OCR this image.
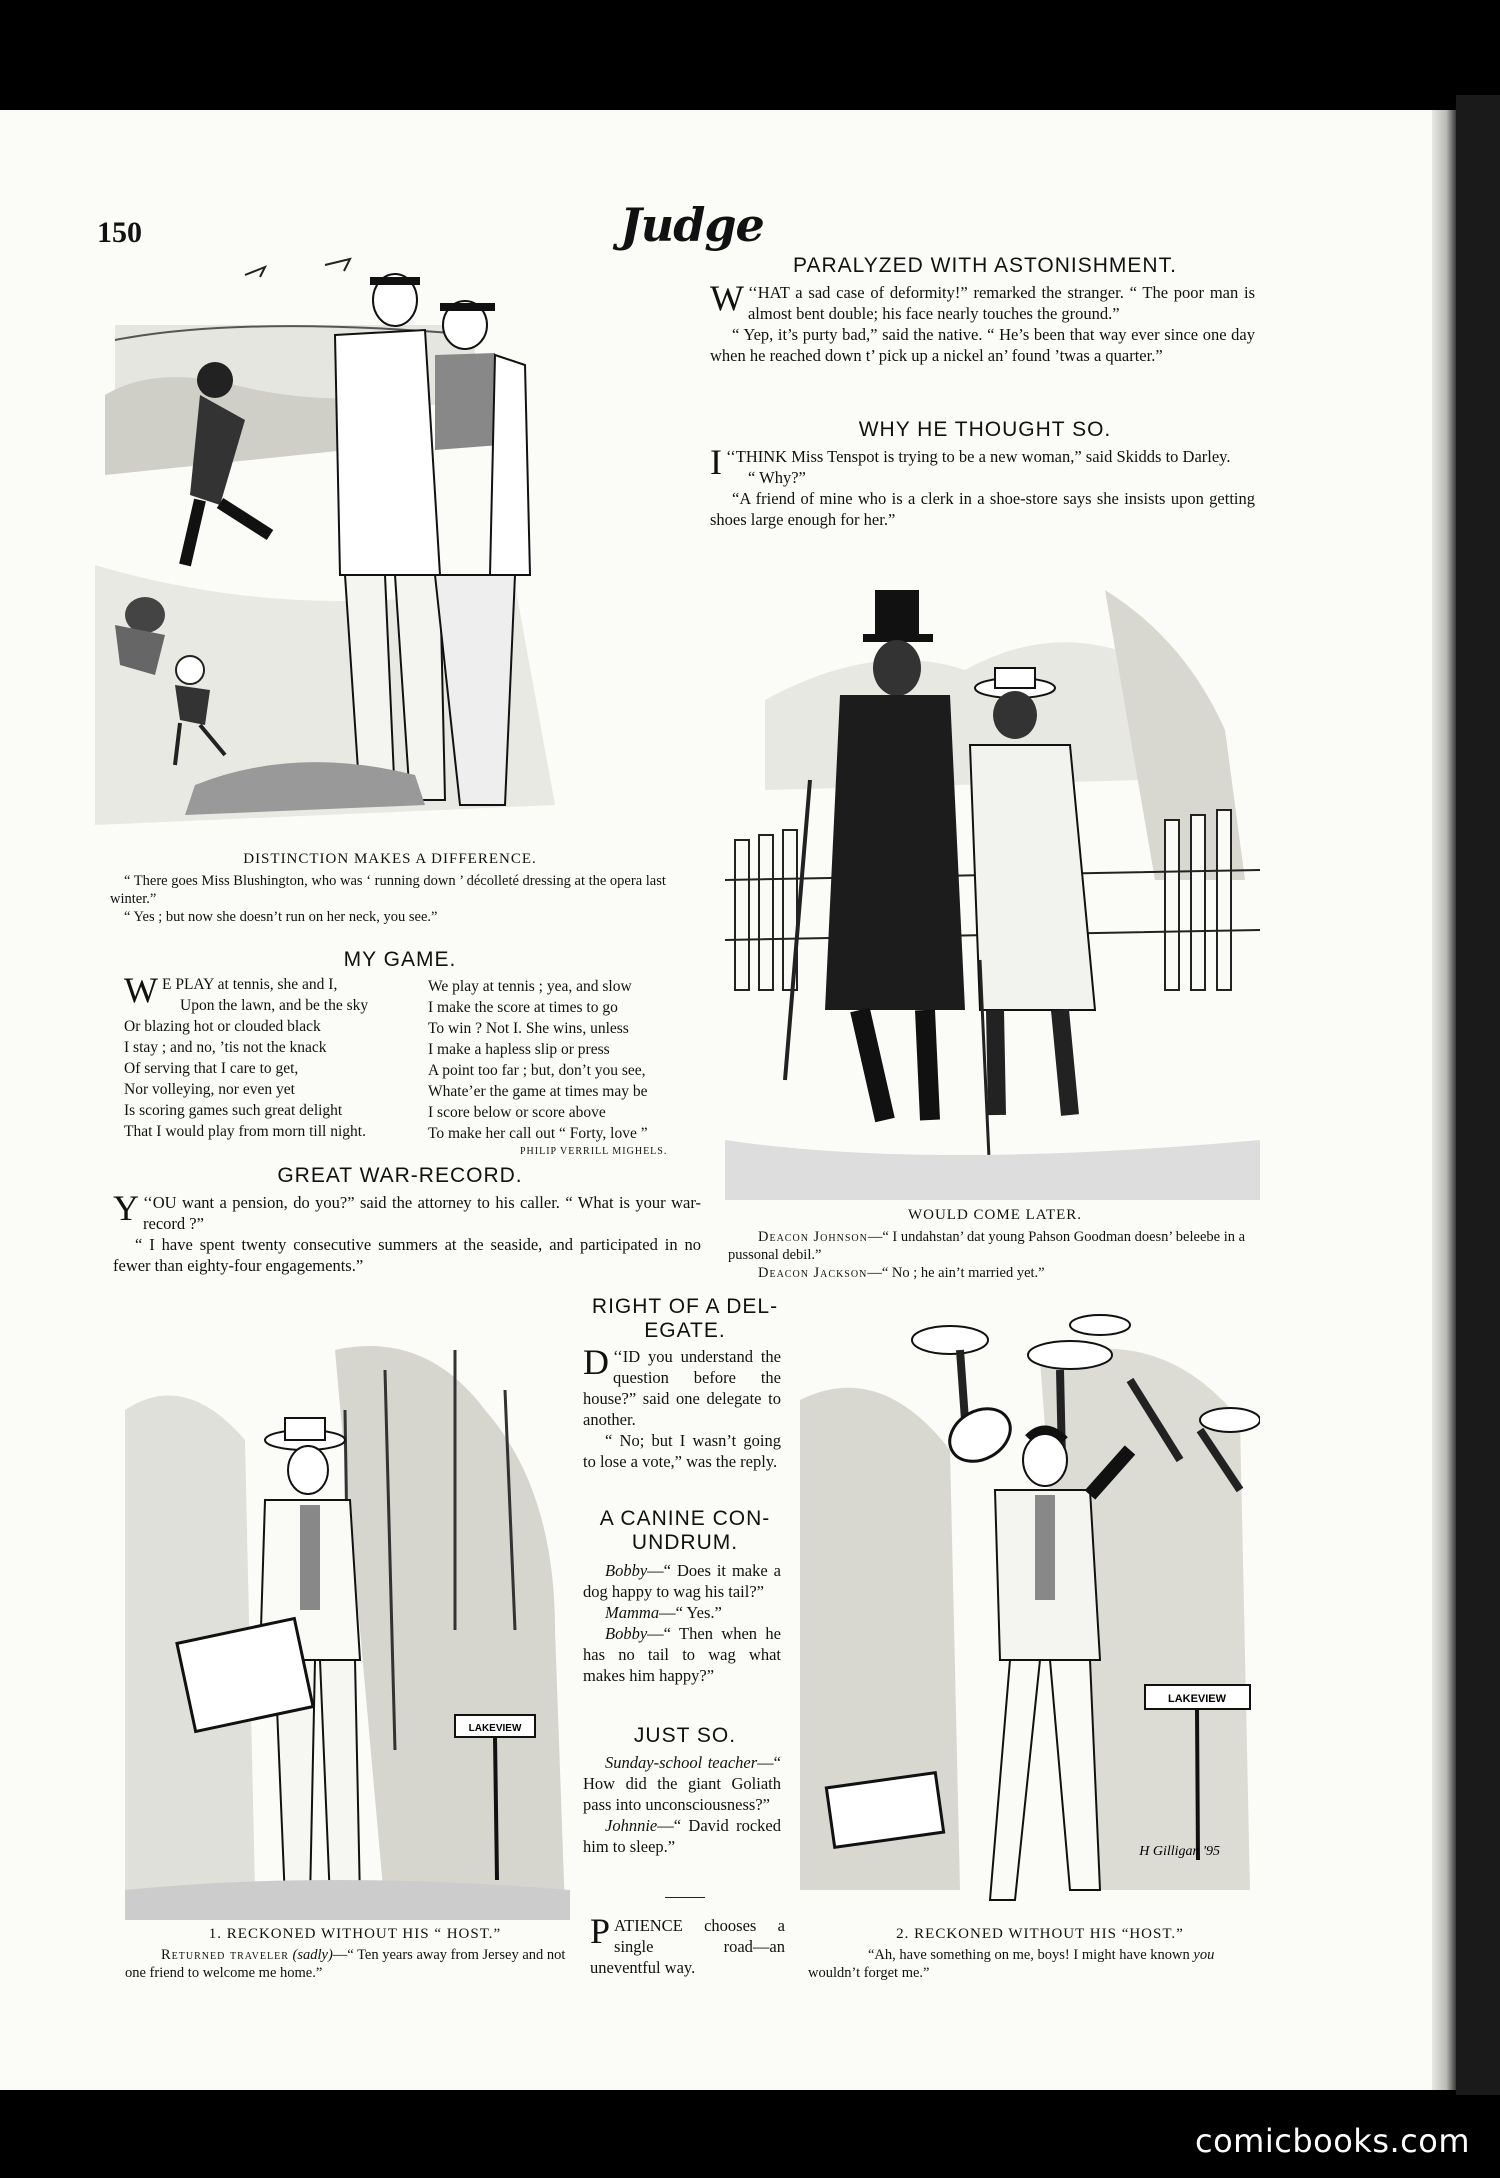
150	Judge
DISTINCTION MAKES A DIFFERENCE.
“ There goes Miss Blushington, who was ‘ running down ’ décolleté dressing at the opera last winter.”
“ Yes ; but now she doesn’t run on her neck, you see.”
PARALYZED WITH ASTONISHMENT.

‘‘
W HAT a sad case of deformity!” remarked the stranger. “ The poor man is almost bent double; his face nearly touches the ground.”

“ Yep, it’s purty bad,” said the native. “ He’s been that way ever since one day when he reached down t’ pick up a nickel an’ found ’twas a quarter.”

WHY HE THOUGHT SO.

‘‘
I THINK Miss Tenspot is trying to be a new woman,” said Skidds to Darley.

“ Why?”

“A friend of mine who is a clerk in a shoe-store says she insists upon getting shoes large enough for her.”

WOULD COME LATER.
Deacon Johnson—“ I undahstan’ dat young Pahson Goodman doesn’ beleebe in a pussonal debil.”
Deacon Jackson—“ No ; he ain’t married yet.”
MY GAME.
W E PLAY at tennis, she and I,
Upon the lawn, and be the sky
Or blazing hot or clouded black
I stay ; and no, ’tis not the knack
Of serving that I care to get,
Nor volleying, nor even yet
Is scoring games such great delight
That I would play from morn till night.
We play at tennis ; yea, and slow
I make the score at times to go
To win ? Not I. She wins, unless
I make a hapless slip or press
A point too far ; but, don’t you see,
Whate’er the game at times may be
I score below or score above
To make her call out “ Forty, love ”
PHILIP VERRILL MIGHELS.
GREAT WAR-RECORD.

‘‘
Y OU want a pension, do you?” said the attorney to his caller. “ What is your war-record ?”

“ I have spent twenty consecutive summers at the seaside, and participated in no fewer than eighty-four engagements.”

LAKEVIEW
1. RECKONED WITHOUT HIS “ HOST.”
Returned traveler (sadly)—“ Ten years away from Jersey and not one friend to welcome me home.”
RIGHT OF A DEL-
EGATE.

‘‘
D ID you understand the question before the house?” said one delegate to another.

“ No; but I wasn’t going to lose a vote,” was the reply.

A CANINE CON-
UNDRUM.

Bobby—“ Does it make a dog happy to wag his tail?”

Mamma—“ Yes.”

Bobby—“ Then when he has no tail to wag what makes him happy?”

JUST SO.

Sunday-school teacher—“ How did the giant Goliath pass into unconsciousness?”

Johnnie—“ David rocked him to sleep.”

PATIENCE chooses a single road—an uneventful way.

LAKEVIEW
H Gilligan '95
2. RECKONED WITHOUT HIS “HOST.”
“Ah, have something on me, boys! I might have known you wouldn’t forget me.”
comicbooks.com
